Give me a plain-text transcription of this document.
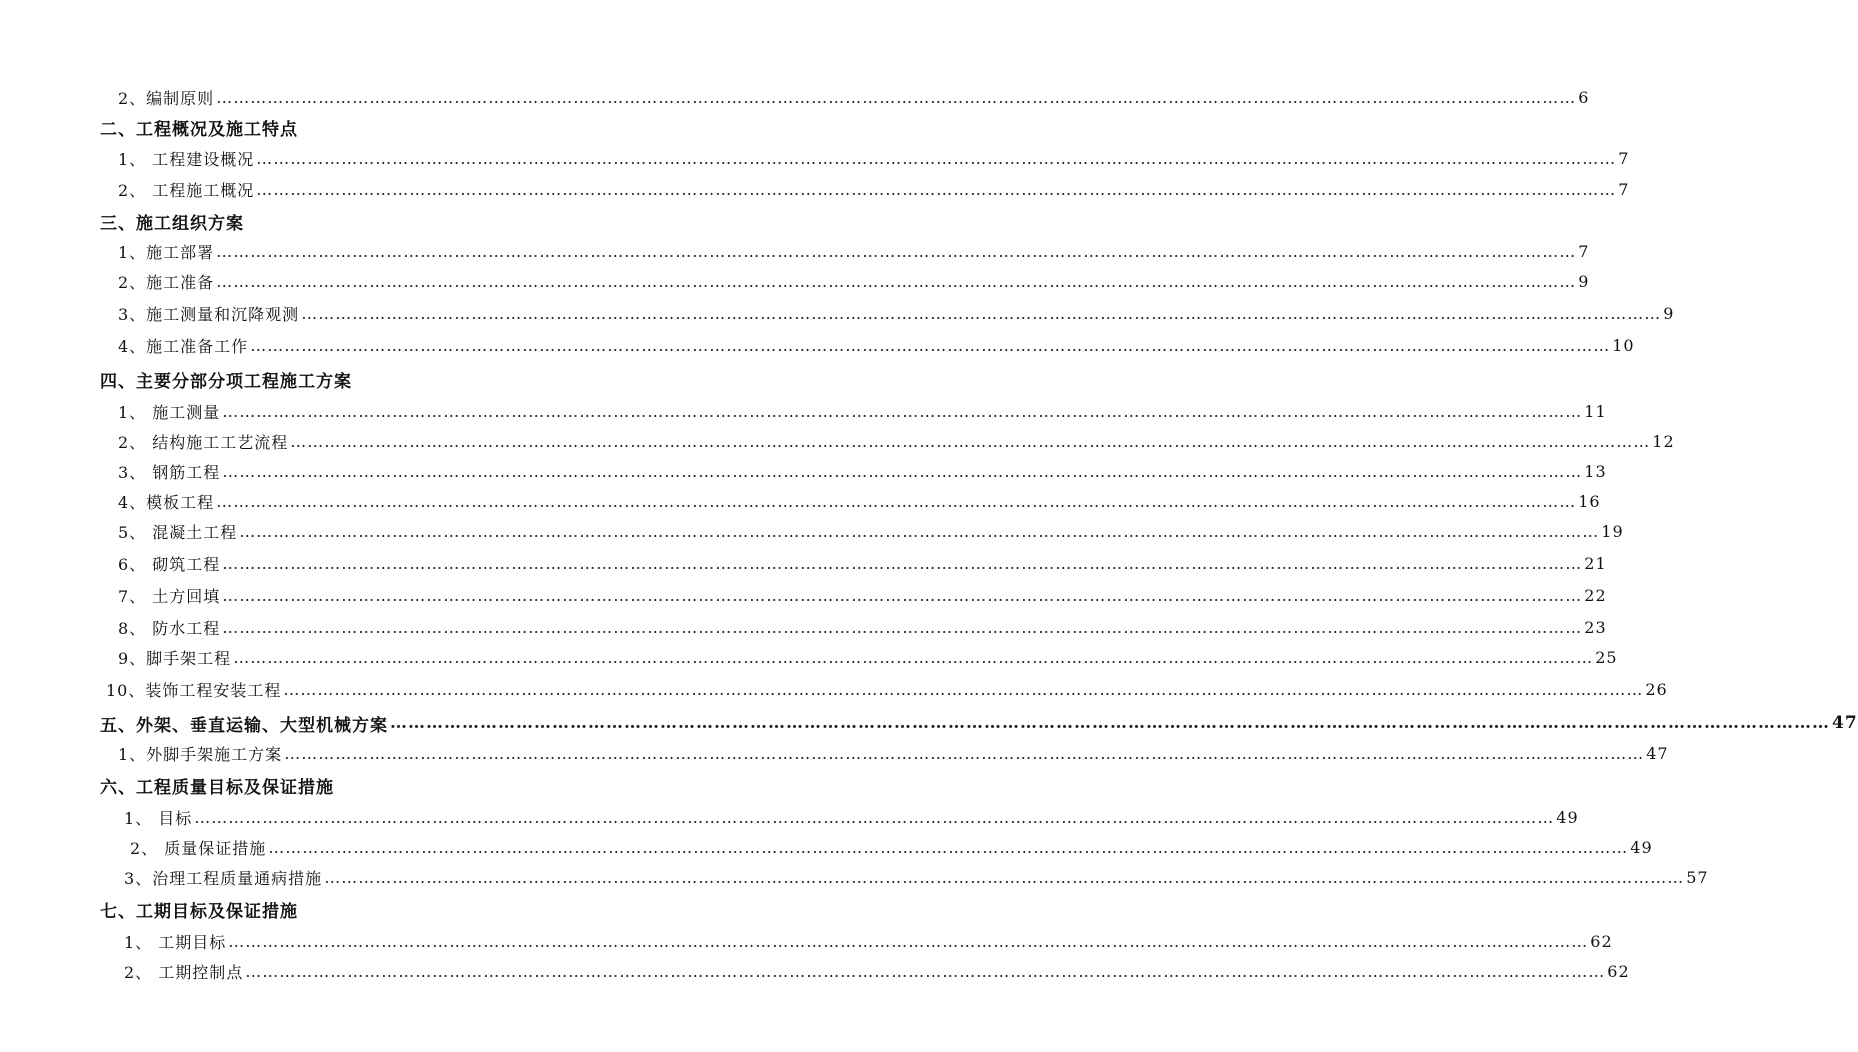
2、编制原则 …………………………………………………………………………………………………………………………………………………………………………………………………………………… 6
二、工程概况及施工特点
1、 工程建设概况 …………………………………………………………………………………………………………………………………………………………………………………………………………………… 7
2、 工程施工概况 …………………………………………………………………………………………………………………………………………………………………………………………………………………… 7
三、施工组织方案
1、施工部署 …………………………………………………………………………………………………………………………………………………………………………………………………………………… 7
2、施工准备 …………………………………………………………………………………………………………………………………………………………………………………………………………………… 9
3、施工测量和沉降观测 …………………………………………………………………………………………………………………………………………………………………………………………………………………… 9
4、施工准备工作 …………………………………………………………………………………………………………………………………………………………………………………………………………………… 10
四、主要分部分项工程施工方案
1、 施工测量 …………………………………………………………………………………………………………………………………………………………………………………………………………………… 11
2、 结构施工工艺流程 …………………………………………………………………………………………………………………………………………………………………………………………………………………… 12
3、 钢筋工程 …………………………………………………………………………………………………………………………………………………………………………………………………………………… 13
4、模板工程 …………………………………………………………………………………………………………………………………………………………………………………………………………………… 16
5、 混凝土工程 …………………………………………………………………………………………………………………………………………………………………………………………………………………… 19
6、 砌筑工程 …………………………………………………………………………………………………………………………………………………………………………………………………………………… 21
7、 土方回填 …………………………………………………………………………………………………………………………………………………………………………………………………………………… 22
8、 防水工程 …………………………………………………………………………………………………………………………………………………………………………………………………………………… 23
9、脚手架工程 …………………………………………………………………………………………………………………………………………………………………………………………………………………… 25
10、装饰工程安装工程 …………………………………………………………………………………………………………………………………………………………………………………………………………………… 26
五、外架、垂直运输、大型机械方案 …………………………………………………………………………………………………………………………………………………………………………………………………………………… 47
1、外脚手架施工方案 …………………………………………………………………………………………………………………………………………………………………………………………………………………… 47
六、工程质量目标及保证措施
1、 目标 …………………………………………………………………………………………………………………………………………………………………………………………………………………… 49
2、 质量保证措施 …………………………………………………………………………………………………………………………………………………………………………………………………………………… 49
3、治理工程质量通病措施 …………………………………………………………………………………………………………………………………………………………………………………………………………………… 57
七、工期目标及保证措施
1、 工期目标 …………………………………………………………………………………………………………………………………………………………………………………………………………………… 62
2、 工期控制点 …………………………………………………………………………………………………………………………………………………………………………………………………………………… 62
